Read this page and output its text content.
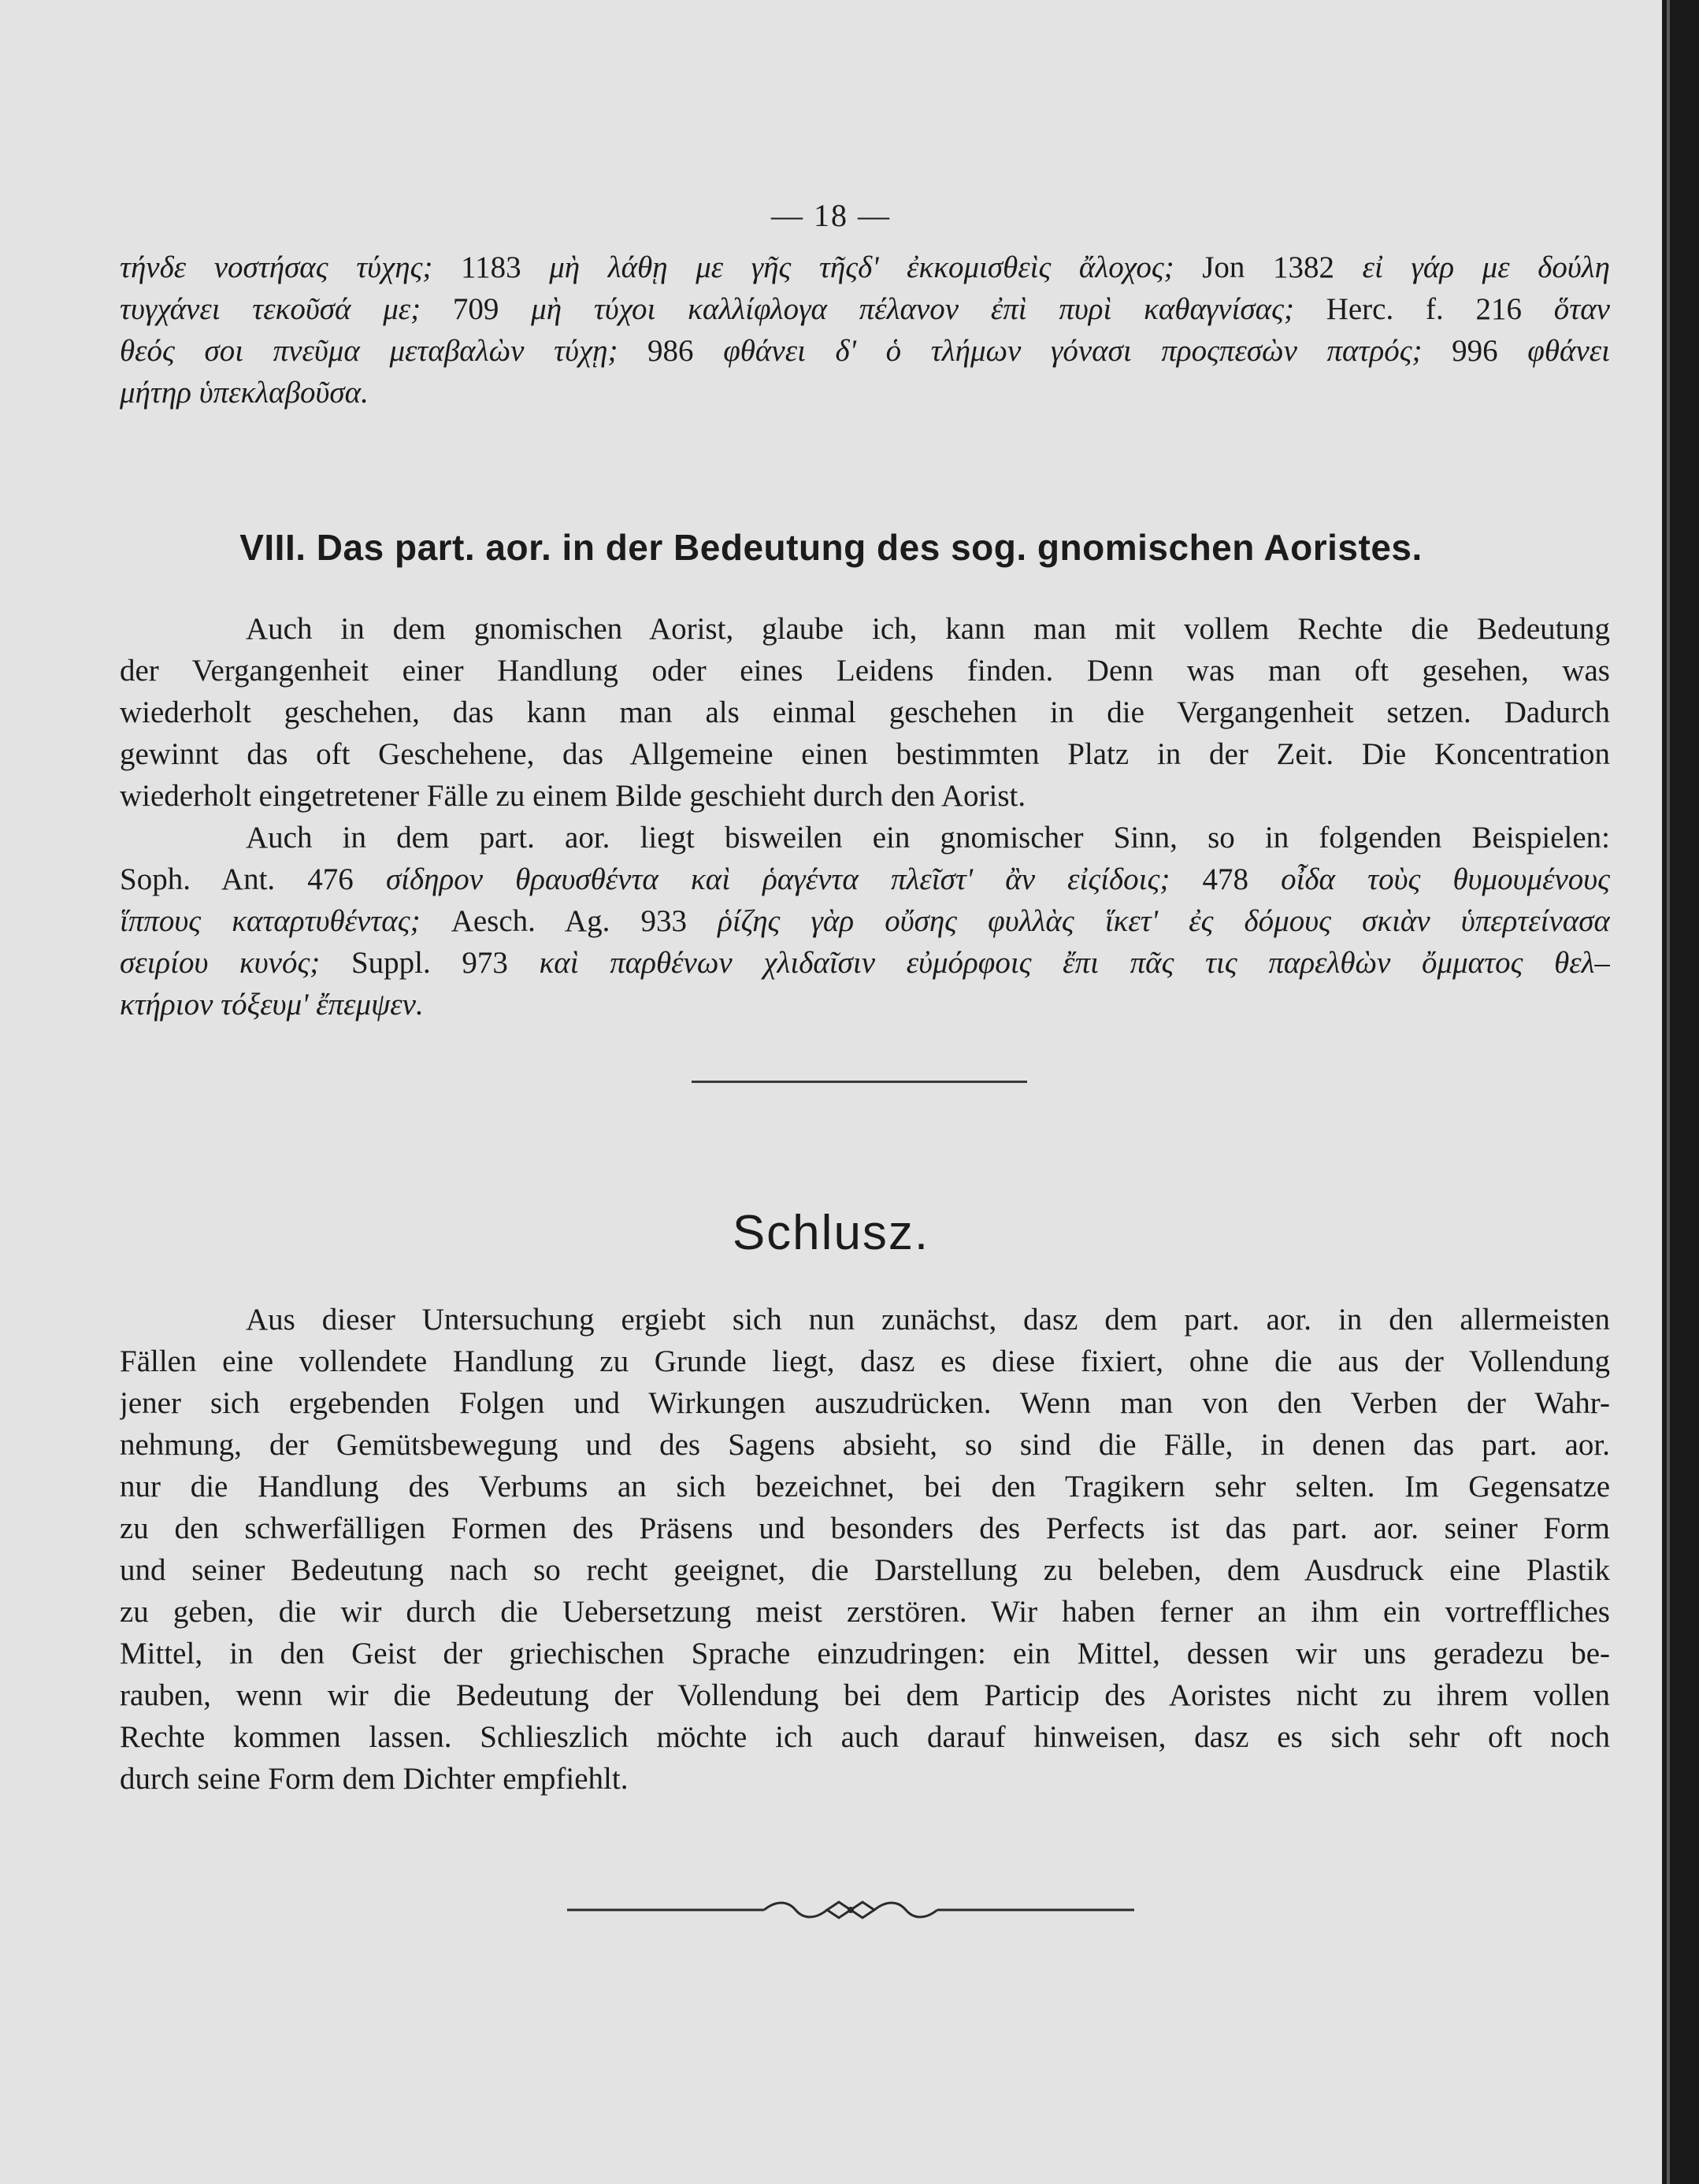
— 18 —
τήνδε νοστήσας τύχης; 1183 μὴ λάθῃ με γῆς τῆςδ' ἐκκομισθεὶς ἄλοχος; Jon 1382 εἰ γάρ με δούλη
τυγχάνει τεκοῦσά με; 709 μὴ τύχοι καλλίφλογα πέλανον ἐπὶ πυρὶ καθαγνίσας; Herc. f. 216 ὅταν
θεός σοι πνεῦμα μεταβαλὼν τύχῃ; 986 φθάνει δ' ὁ τλήμων γόνασι προςπεσὼν πατρός; 996 φθάνει
μήτηρ ὑπεκλαβοῦσα.
VIII. Das part. aor. in der Bedeutung des sog. gnomischen Aoristes.
Auch in dem gnomischen Aorist, glaube ich, kann man mit vollem Rechte die Bedeutung
der Vergangenheit einer Handlung oder eines Leidens finden. Denn was man oft gesehen, was
wiederholt geschehen, das kann man als einmal geschehen in die Vergangenheit setzen. Dadurch
gewinnt das oft Geschehene, das Allgemeine einen bestimmten Platz in der Zeit. Die Koncentration
wiederholt eingetretener Fälle zu einem Bilde geschieht durch den Aorist.
Auch in dem part. aor. liegt bisweilen ein gnomischer Sinn, so in folgenden Beispielen:
Soph. Ant. 476 σίδηρον θραυσθέντα καὶ ῥαγέντα πλεῖστ' ἂν εἰςίδοις; 478 οἶδα τοὺς θυμουμένους
ἵππους καταρτυθέντας; Aesch. Ag. 933 ῥίζης γὰρ οὔσης φυλλὰς ἵκετ' ἐς δόμους σκιὰν ὑπερτείνασα
σειρίου κυνός; Suppl. 973 καὶ παρθένων χλιδαῖσιν εὐμόρφοις ἔπι πᾶς τις παρελθὼν ὄμματος θελ–
κτήριον τόξευμ' ἔπεμψεν.
Schlusz.
Aus dieser Untersuchung ergiebt sich nun zunächst, dasz dem part. aor. in den allermeisten
Fällen eine vollendete Handlung zu Grunde liegt, dasz es diese fixiert, ohne die aus der Vollendung
jener sich ergebenden Folgen und Wirkungen auszudrücken. Wenn man von den Verben der Wahr-
nehmung, der Gemütsbewegung und des Sagens absieht, so sind die Fälle, in denen das part. aor.
nur die Handlung des Verbums an sich bezeichnet, bei den Tragikern sehr selten. Im Gegensatze
zu den schwerfälligen Formen des Präsens und besonders des Perfects ist das part. aor. seiner Form
und seiner Bedeutung nach so recht geeignet, die Darstellung zu beleben, dem Ausdruck eine Plastik
zu geben, die wir durch die Uebersetzung meist zerstören. Wir haben ferner an ihm ein vortreffliches
Mittel, in den Geist der griechischen Sprache einzudringen: ein Mittel, dessen wir uns geradezu be-
rauben, wenn wir die Bedeutung der Vollendung bei dem Particip des Aoristes nicht zu ihrem vollen
Rechte kommen lassen. Schlieszlich möchte ich auch darauf hinweisen, dasz es sich sehr oft noch
durch seine Form dem Dichter empfiehlt.
